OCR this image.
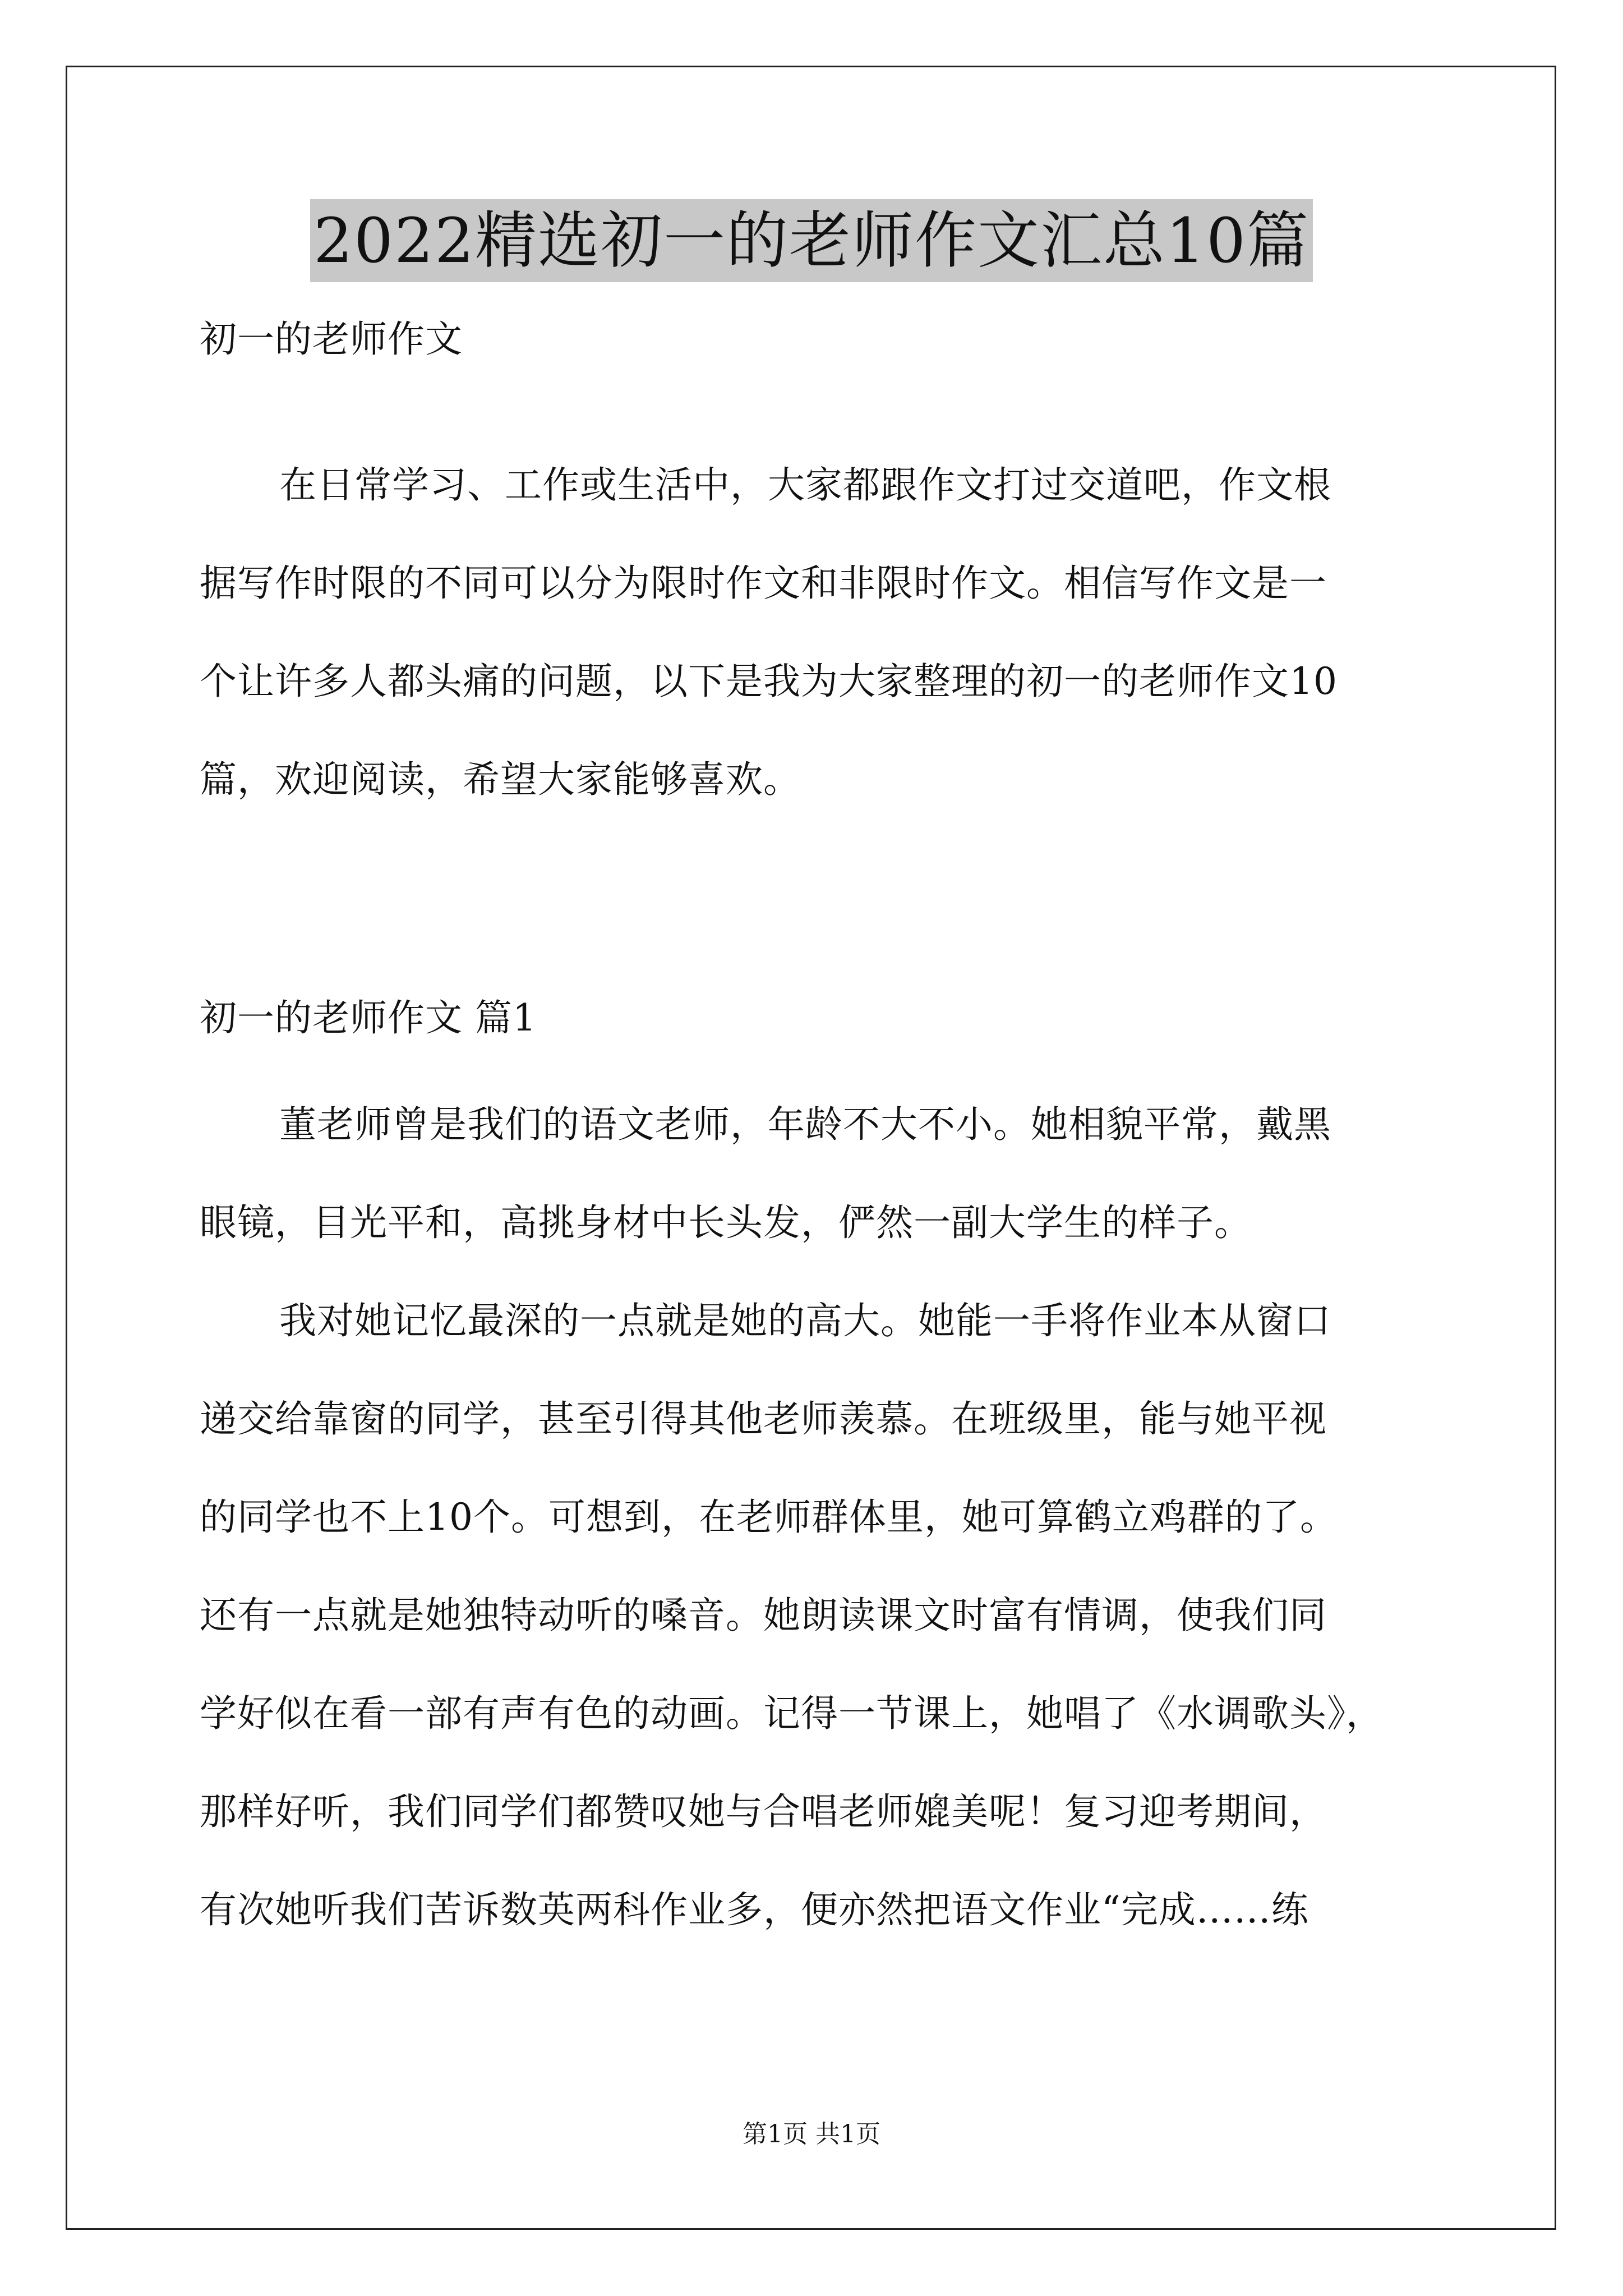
2022精选初一的老师作文汇总10篇
初一的老师作文
在日常学习、工作或生活中，大家都跟作文打过交道吧，作文根
据写作时限的不同可以分为限时作文和非限时作文。相信写作文是一
个让许多人都头痛的问题，以下是我为大家整理的初一的老师作文10
篇，欢迎阅读，希望大家能够喜欢。
初一的老师作文 篇1
董老师曾是我们的语文老师，年龄不大不小。她相貌平常，戴黑
眼镜，目光平和，高挑身材中长头发，俨然一副大学生的样子。
我对她记忆最深的一点就是她的高大。她能一手将作业本从窗口
递交给靠窗的同学，甚至引得其他老师羡慕。在班级里，能与她平视
的同学也不上10个。可想到，在老师群体里，她可算鹤立鸡群的了。
还有一点就是她独特动听的嗓音。她朗读课文时富有情调，使我们同
学好似在看一部有声有色的动画。记得一节课上，她唱了《水调歌头》，
那样好听，我们同学们都赞叹她与合唱老师媲美呢！复习迎考期间，
有次她听我们苦诉数英两科作业多，便亦然把语文作业“完成……练
第1页 共1页
